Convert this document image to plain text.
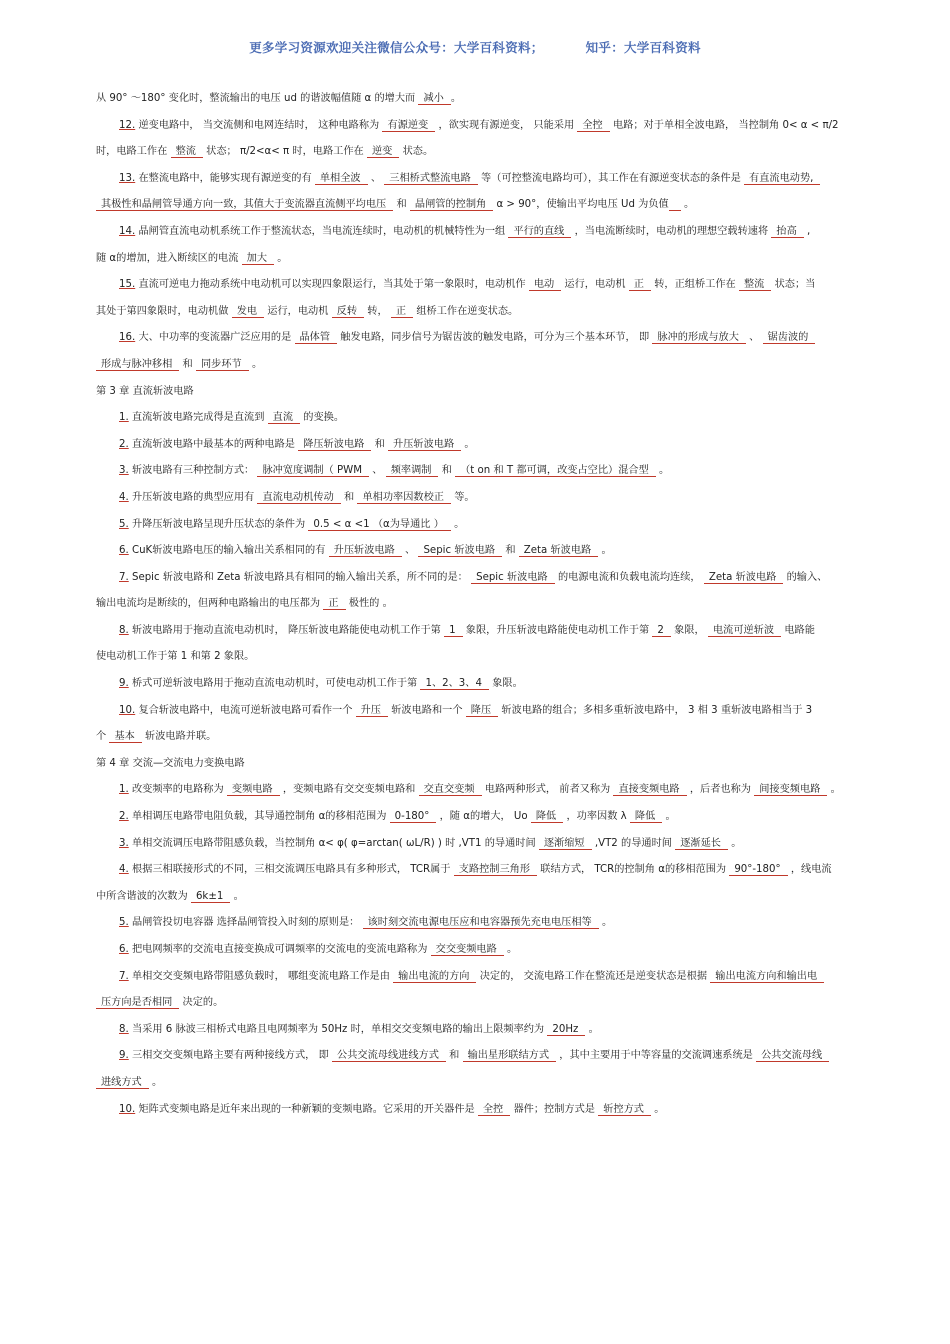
更多学习资源欢迎关注微信公众号：大学百科资料；	知乎：大学百科资料
从 90° ～180° 变化时，整流输出的电压 ud 的谐波幅值随 α 的增大而 减小 。
12. 逆变电路中， 当交流侧和电网连结时， 这种电路称为 有源逆变 ，欲实现有源逆变， 只能采用 全控 电路；对于单相全波电路， 当控制角 0< α < π/2
时，电路工作在 整流 状态； π/2<α< π 时，电路工作在 逆变 状态。
13. 在整流电路中，能够实现有源逆变的有 单相全波 、 三相桥式整流电路 等（可控整流电路均可），其工作在有源逆变状态的条件是 有直流电动势,
其极性和晶闸管导通方向一致，其值大于变流器直流侧平均电压 和 晶闸管的控制角 α > 90°，使输出平均电压 Ud 为负值 。
14. 晶闸管直流电动机系统工作于整流状态，当电流连续时，电动机的机械特性为一组 平行的直线 ，当电流断续时，电动机的理想空载转速将 抬高 ,
随 α的增加，进入断续区的电流 加大 。
15. 直流可逆电力拖动系统中电动机可以实现四象限运行，当其处于第一象限时，电动机作 电动 运行，电动机 正 转，正组桥工作在 整流 状态；当
其处于第四象限时，电动机做 发电 运行，电动机 反转 转， 正 组桥工作在逆变状态。
16. 大、中功率的变流器广泛应用的是 晶体管 触发电路，同步信号为锯齿波的触发电路，可分为三个基本环节， 即 脉冲的形成与放大 、 锯齿波的
形成与脉冲移相 和 同步环节 。
第 3 章 直流斩波电路
1. 直流斩波电路完成得是直流到 直流 的变换。
2. 直流斩波电路中最基本的两种电路是 降压斩波电路 和 升压斩波电路 。
3. 斩波电路有三种控制方式： 脉冲宽度调制（ PWM 、 频率调制 和 （t on 和 T 都可调，改变占空比）混合型 。
4. 升压斩波电路的典型应用有 直流电动机传动 和 单相功率因数校正 等。
5. 升降压斩波电路呈现升压状态的条件为 0.5 < α <1 （α为导通比 ） 。
6. CuK斩波电路电压的输入输出关系相同的有 升压斩波电路 、 Sepic 斩波电路 和 Zeta 斩波电路 。
7. Sepic 斩波电路和 Zeta 斩波电路具有相同的输入输出关系，所不同的是： Sepic 斩波电路 的电源电流和负载电流均连续， Zeta 斩波电路 的输入、
输出电流均是断续的，但两种电路输出的电压都为 正 极性的 。
8. 斩波电路用于拖动直流电动机时， 降压斩波电路能使电动机工作于第 1 象限，升压斩波电路能使电动机工作于第 2 象限， 电流可逆斩波 电路能
使电动机工作于第 1 和第 2 象限。
9. 桥式可逆斩波电路用于拖动直流电动机时，可使电动机工作于第 1、2、3、4 象限。
10. 复合斩波电路中，电流可逆斩波电路可看作一个 升压 斩波电路和一个 降压 斩波电路的组合；多相多重斩波电路中， 3 相 3 重斩波电路相当于 3
个 基本 斩波电路并联。
第 4 章 交流—交流电力变换电路
1. 改变频率的电路称为 变频电路 ，变频电路有交交变频电路和 交直交变频 电路两种形式， 前者又称为 直接变频电路 ，后者也称为 间接变频电路 。
2. 单相调压电路带电阻负载，其导通控制角 α的移相范围为 0-180° ，随 α的增大， Uo 降低 ，功率因数 λ 降低 。
3. 单相交流调压电路带阻感负载，当控制角 α< φ( φ=arctan( ωL/R) ) 时 ,VT1 的导通时间 逐渐缩短 ,VT2 的导通时间 逐渐延长 。
4. 根据三相联接形式的不同，三相交流调压电路具有多种形式， TCR属于 支路控制三角形 联结方式， TCR的控制角 α的移相范围为 90°-180° ，线电流
中所含谐波的次数为 6k±1 。
5. 晶闸管投切电容器 选择晶闸管投入时刻的原则是： 该时刻交流电源电压应和电容器预先充电电压相等 。
6. 把电网频率的交流电直接变换成可调频率的交流电的变流电路称为 交交变频电路 。
7. 单相交交变频电路带阻感负载时， 哪组变流电路工作是由 输出电流的方向 决定的， 交流电路工作在整流还是逆变状态是根据 输出电流方向和输出电
压方向是否相同 决定的。
8. 当采用 6 脉波三相桥式电路且电网频率为 50Hz 时，单相交交变频电路的输出上限频率约为 20Hz 。
9. 三相交交变频电路主要有两种接线方式， 即 公共交流母线进线方式 和 输出星形联结方式 ，其中主要用于中等容量的交流调速系统是 公共交流母线
进线方式 。
10. 矩阵式变频电路是近年来出现的一种新颖的变频电路。它采用的开关器件是 全控 器件；控制方式是 斩控方式 。
